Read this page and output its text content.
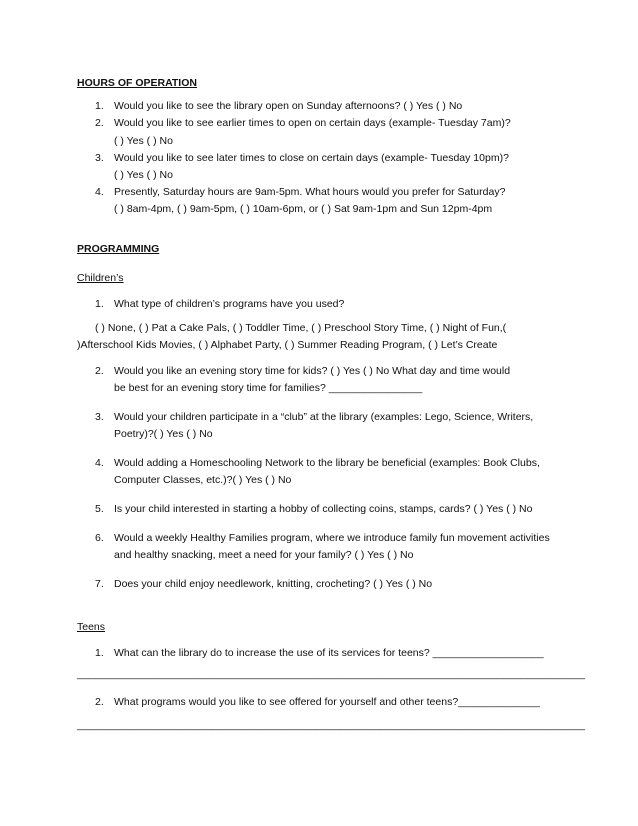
HOURS OF OPERATION
1. Would you like to see the library open on Sunday afternoons? ( ) Yes ( ) No
2. Would you like to see earlier times to open on certain days (example- Tuesday 7am)?
( ) Yes ( ) No
3. Would you like to see later times to close on certain days (example- Tuesday 10pm)?
( ) Yes ( ) No
4. Presently, Saturday hours are 9am-5pm. What hours would you prefer for Saturday?
( ) 8am-4pm, ( ) 9am-5pm, ( ) 10am-6pm, or ( ) Sat 9am-1pm and Sun 12pm-4pm
PROGRAMMING
Children’s
1. What type of children’s programs have you used?
( ) None, ( ) Pat a Cake Pals, ( ) Toddler Time, ( ) Preschool Story Time, ( ) Night of Fun,(
)Afterschool Kids Movies, ( ) Alphabet Party, ( ) Summer Reading Program, ( ) Let’s Create
2. Would you like an evening story time for kids? ( ) Yes ( ) No What day and time would
be best for an evening story time for families? ________________
3. Would your children participate in a “club” at the library (examples: Lego, Science, Writers,
Poetry)?( ) Yes ( ) No
4. Would adding a Homeschooling Network to the library be beneficial (examples: Book Clubs,
Computer Classes, etc.)?( ) Yes ( ) No
5. Is your child interested in starting a hobby of collecting coins, stamps, cards? ( ) Yes ( ) No
6. Would a weekly Healthy Families program, where we introduce family fun movement activities
and healthy snacking, meet a need for your family? ( ) Yes ( ) No
7. Does your child enjoy needlework, knitting, crocheting? ( ) Yes ( ) No
Teens
1. What can the library do to increase the use of its services for teens? ___________________
_______________________________________________________________________________________
2. What programs would you like to see offered for yourself and other teens?______________
_______________________________________________________________________________________
